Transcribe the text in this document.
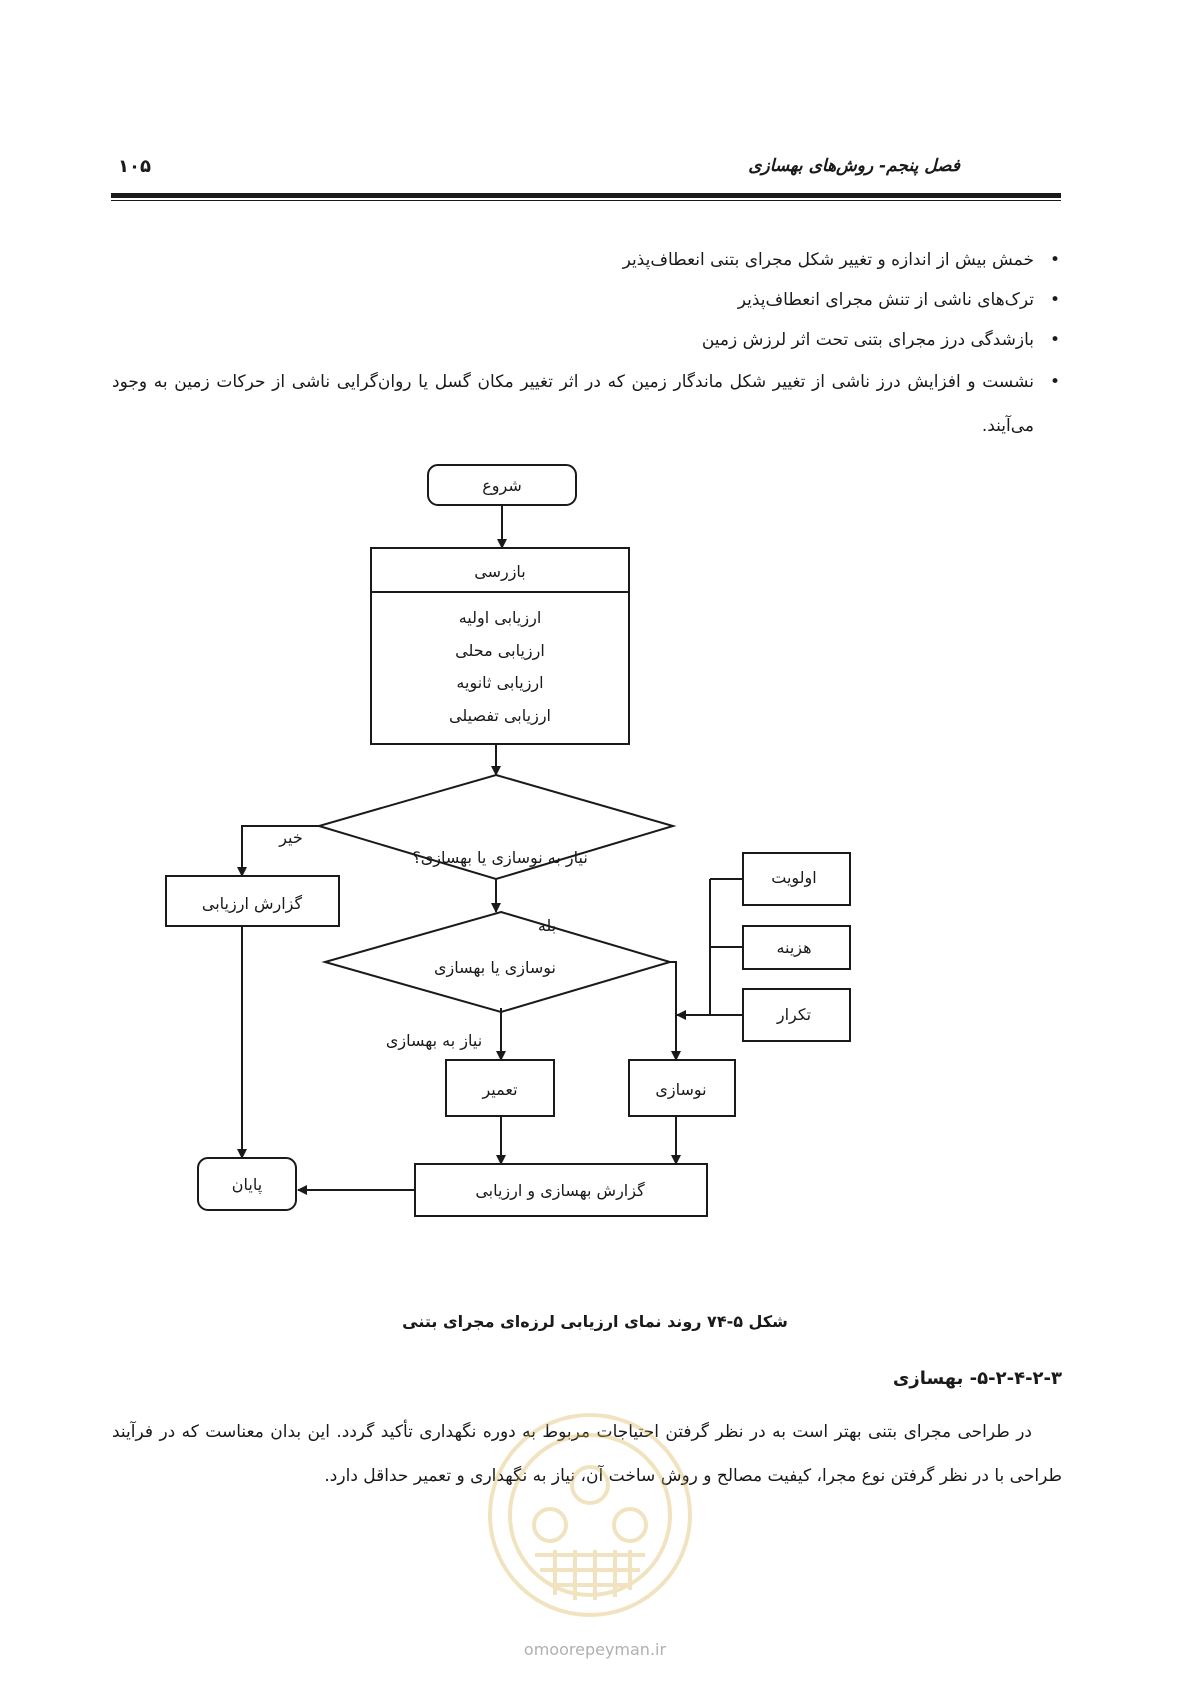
فصل پنجم- روش‌های بهسازی
۱۰۵
• خمش بیش از اندازه و تغییر شکل مجرای بتنی انعطاف‌پذیر
• ترک‌های ناشی از تنش مجرای انعطاف‌پذیر
• بازشدگی درز مجرای بتنی تحت اثر لرزش زمین
• نشست و افزایش درز ناشی از تغییر شکل ماندگار زمین که در اثر تغییر مکان گسل یا روان‌گرایی ناشی از حرکات زمین به وجود می‌آیند.
شروع
بازرسی
ارزیابی اولیه
ارزیابی محلی
ارزیابی ثانویه
ارزیابی تفصیلی
نیاز به نوسازی یا بهسازی؟
خیر
بله
گزارش ارزیابی
نوسازی یا بهسازی
نیاز به بهسازی
تعمیر	نوسازی
اولویت
هزینه
تکرار
گزارش بهسازی و ارزیابی
پایان
شکل ۵-۷۴ روند نمای ارزیابی لرزه‌ای مجرای بتنی
۵-۲-۴-۲-۳- بهسازی
در طراحی مجرای بتنی بهتر است به در نظر گرفتن احتیاجات مربوط به دوره نگهداری تأکید گردد. این بدان معناست که در فرآیند طراحی با در نظر گرفتن نوع مجرا، کیفیت مصالح و روش ساخت آن، نیاز به نگهداری و تعمیر حداقل دارد.
omoorepeyman.ir
